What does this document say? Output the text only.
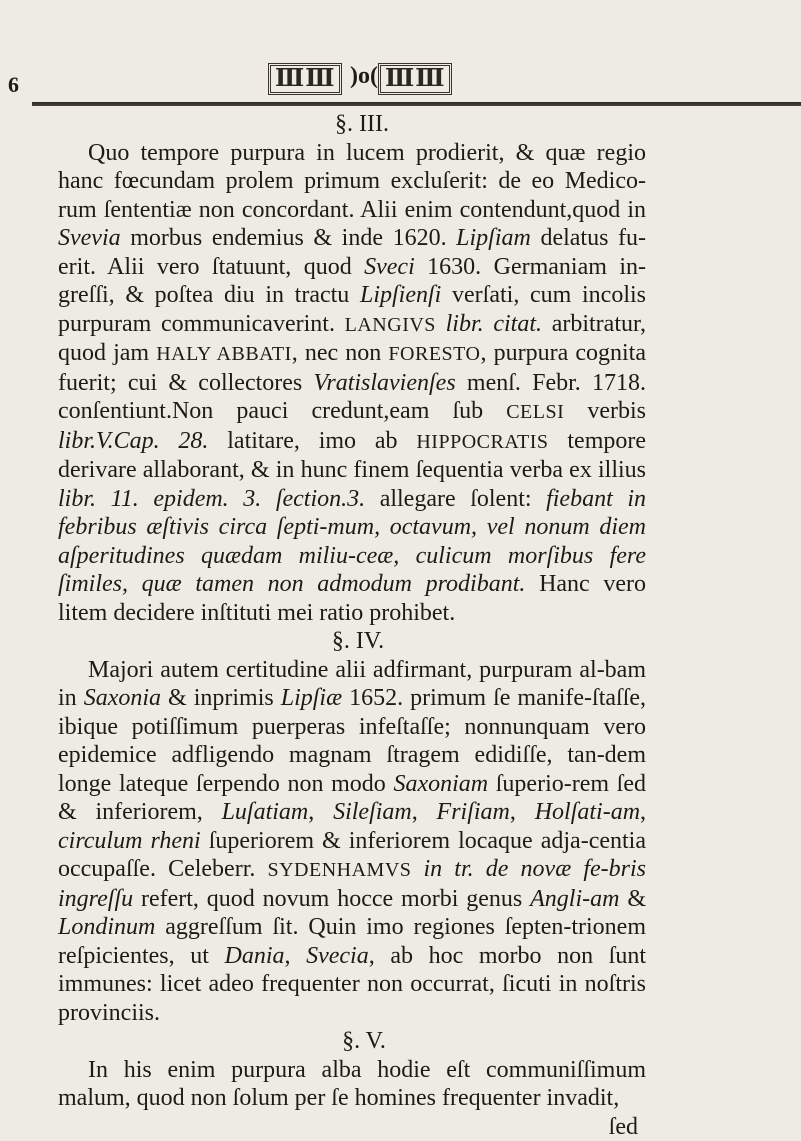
6	ⅢⅢ )o( ⅢⅢ
§. III.

Quo tempore purpura in lucem prodierit, & quæ regio hanc fœcundam prolem primum excluſerit: de eo Medico-rum ſententiæ non concordant. Alii enim contendunt,quod in Svevia morbus endemius & inde 1620. Lipſiam delatus fu-erit. Alii vero ſtatuunt, quod Sveci 1630. Germaniam in-greſſi, & poſtea diu in tractu Lipſienſi verſati, cum incolis purpuram communicaverint. LANGIVS libr. citat. arbitratur, quod jam HALY ABBATI, nec non FORESTO, purpura cognita fuerit; cui & collectores Vratislavienſes menſ. Febr. 1718. conſentiunt.Non pauci credunt,eam ſub CELSI verbis libr.V.Cap. 28. latitare, imo ab HIPPOCRATIS tempore derivare allaborant, & in hunc finem ſequentia verba ex illius libr. 11. epidem. 3. ſection.3. allegare ſolent: fiebant in febribus æſtivis circa ſepti-mum, octavum, vel nonum diem aſperitudines quædam miliu-ceæ, culicum morſibus fere ſimiles, quæ tamen non admodum prodibant. Hanc vero litem decidere inſtituti mei ratio prohibet.

§. IV.

Majori autem certitudine alii adfirmant, purpuram al-bam in Saxonia & inprimis Lipſiæ 1652. primum ſe manife-ſtaſſe, ibique potiſſimum puerperas infeſtaſſe; nonnunquam vero epidemice adfligendo magnam ſtragem edidiſſe, tan-dem longe lateque ſerpendo non modo Saxoniam ſuperio-rem ſed & inferiorem, Luſatiam, Sileſiam, Friſiam, Holſati-am, circulum rheni ſuperiorem & inferiorem locaque adja-centia occupaſſe. Celeberr. SYDENHAMVS in tr. de novæ fe-bris ingreſſu refert, quod novum hocce morbi genus Angli-am & Londinum aggreſſum ſit. Quin imo regiones ſepten-trionem reſpicientes, ut Dania, Svecia, ab hoc morbo non ſunt immunes: licet adeo frequenter non occurrat, ſicuti in noſtris provinciis.

§. V.

In his enim purpura alba hodie eſt communiſſimum malum, quod non ſolum per ſe homines frequenter invadit,

ſed
